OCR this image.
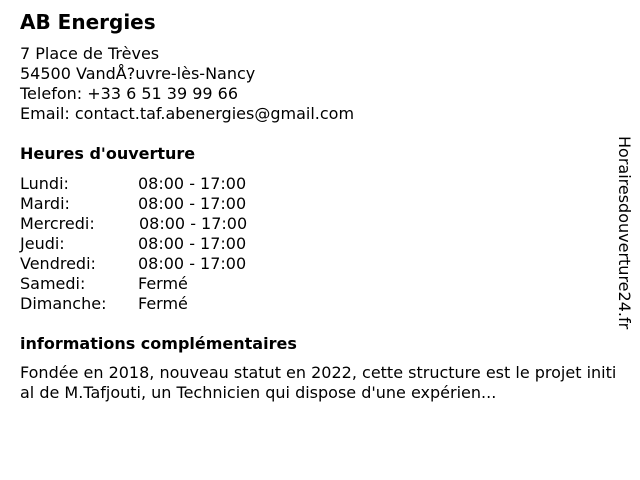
AB Energies
7 Place de Trèves
54500 VandÅ?uvre-lès-Nancy
Telefon: +33 6 51 39 99 66
Email: contact.taf.abenergies@gmail.com
Heures d'ouverture
Lundi:	08:00 - 17:00
Mardi:	08:00 - 17:00
Mercredi:	08:00 - 17:00
Jeudi:	08:00 - 17:00
Vendredi:	08:00 - 17:00
Samedi:	Fermé
Dimanche: Fermé
informations complémentaires
Fondée en 2018, nouveau statut en 2022, cette structure est le projet initial de M.Tafjouti, un Technicien qui dispose d'une expérien...
Horairesdouverture24.fr
